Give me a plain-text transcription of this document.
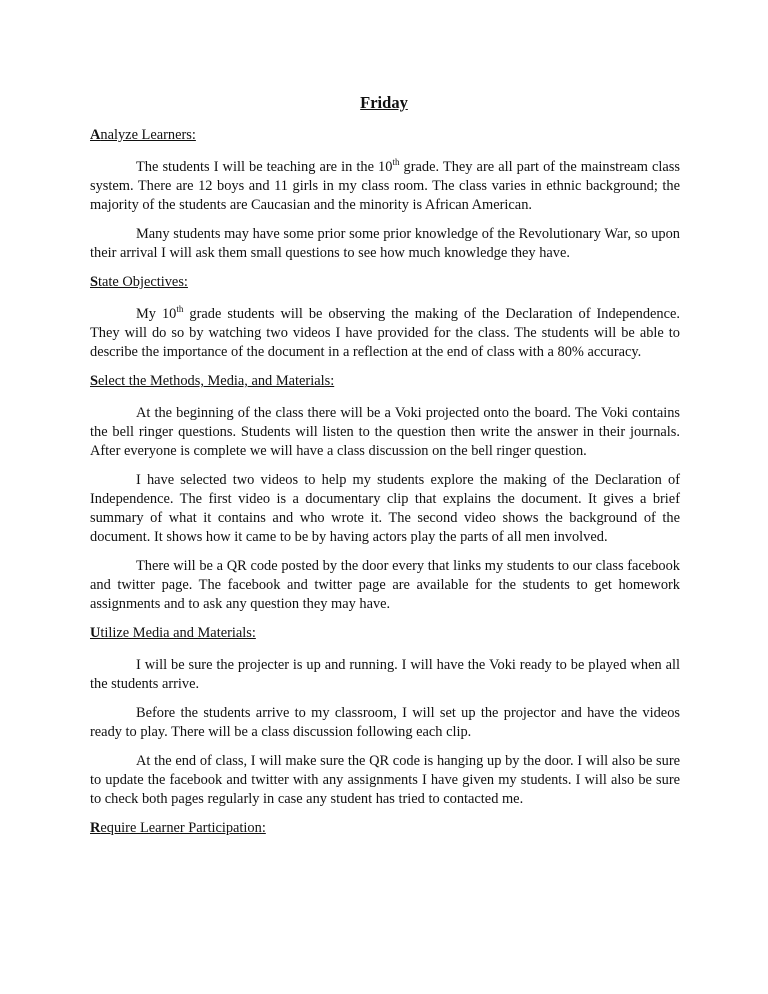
Friday

Analyze Learners:

The students I will be teaching are in the 10th grade. They are all part of the mainstream class system. There are 12 boys and 11 girls in my class room. The class varies in ethnic background; the majority of the students are Caucasian and the minority is African American.

Many students may have some prior some prior knowledge of the Revolutionary War, so upon their arrival I will ask them small questions to see how much knowledge they have.

State Objectives:

My 10th grade students will be observing the making of the Declaration of Independence. They will do so by watching two videos I have provided for the class. The students will be able to describe the importance of the document in a reflection at the end of class with a 80% accuracy.

Select the Methods, Media, and Materials:

At the beginning of the class there will be a Voki projected onto the board. The Voki contains the bell ringer questions. Students will listen to the question then write the answer in their journals. After everyone is complete we will have a class discussion on the bell ringer question.

I have selected two videos to help my students explore the making of the Declaration of Independence. The first video is a documentary clip that explains the document. It gives a brief summary of what it contains and who wrote it. The second video shows the background of the document. It shows how it came to be by having actors play the parts of all men involved.

There will be a QR code posted by the door every that links my students to our class facebook and twitter page. The facebook and twitter page are available for the students to get homework assignments and to ask any question they may have.

Utilize Media and Materials:

I will be sure the projecter is up and running. I will have the Voki ready to be played when all the students arrive.

Before the students arrive to my classroom, I will set up the projector and have the videos ready to play. There will be a class discussion following each clip.

At the end of class, I will make sure the QR code is hanging up by the door. I will also be sure to update the facebook and twitter with any assignments I have given my students. I will also be sure to check both pages regularly in case any student has tried to contacted me.

Require Learner Participation:
